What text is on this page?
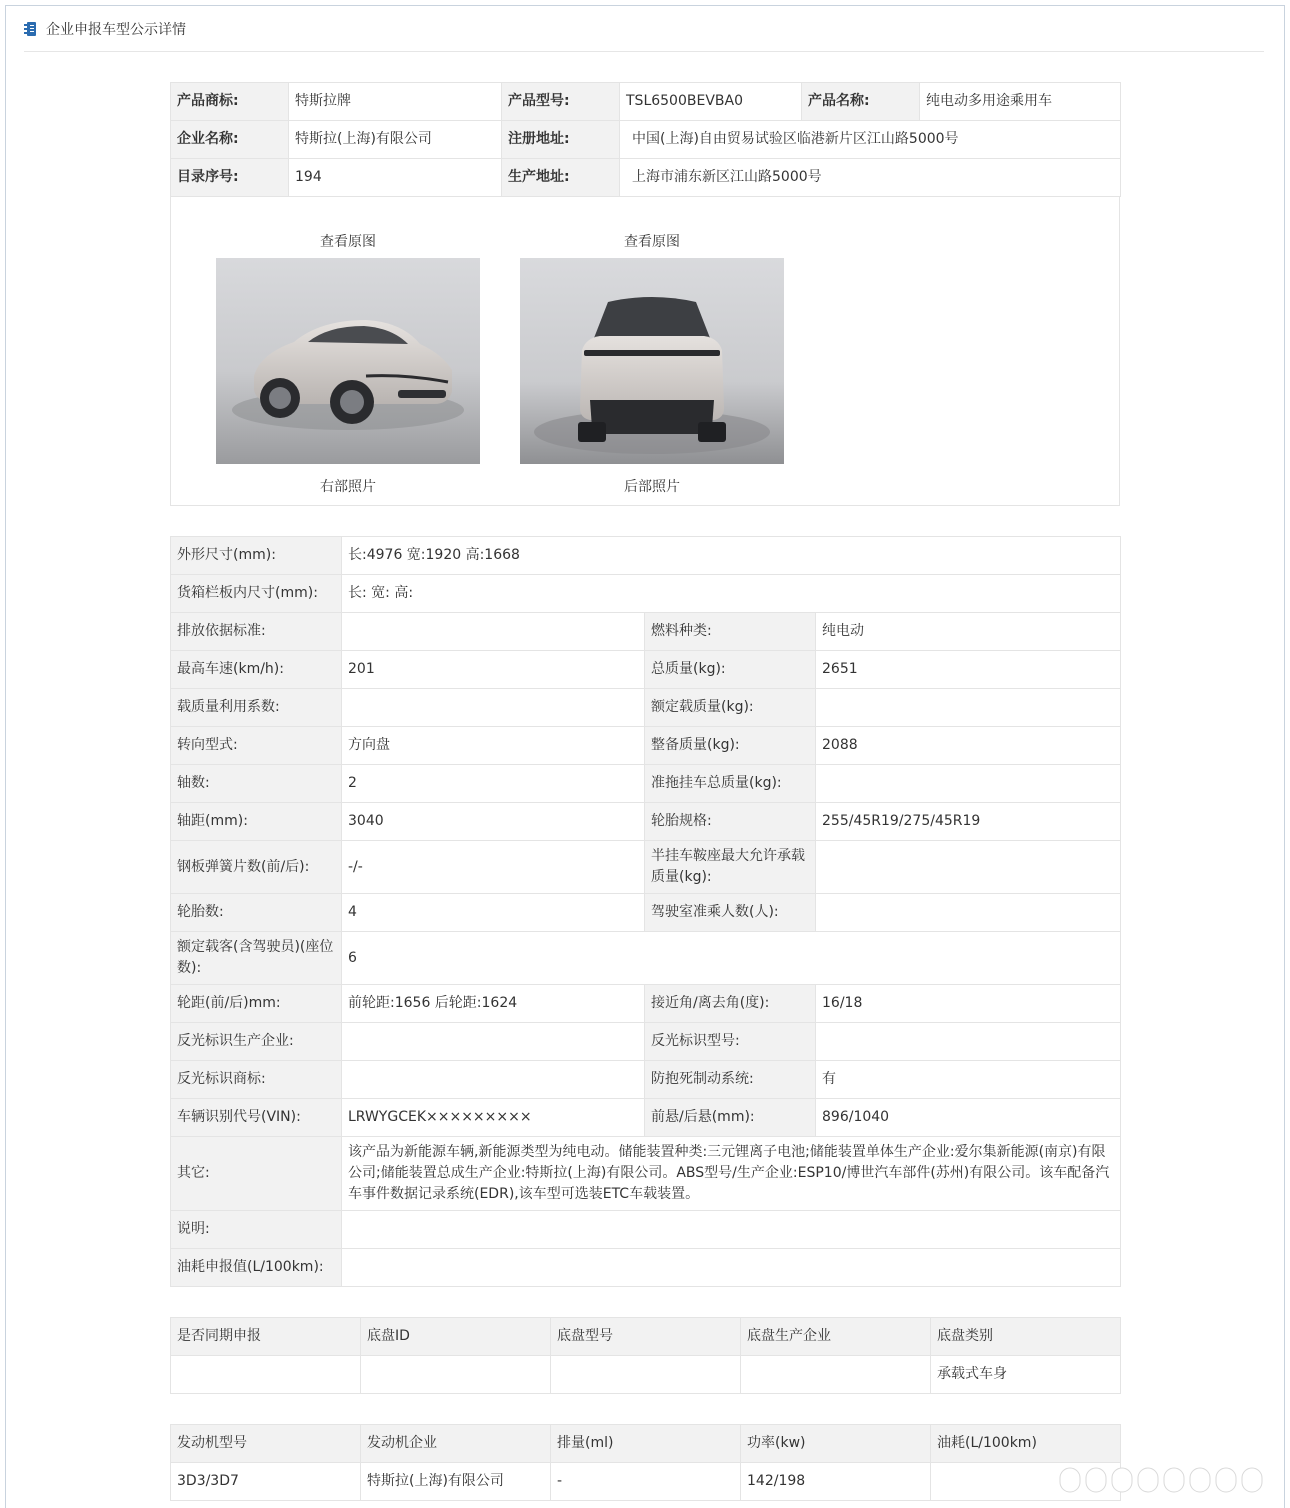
企业申报车型公示详情
产品商标:	特斯拉牌	产品型号:	TSL6500BEVBA0	产品名称:	纯电动多用途乘用车
企业名称:	特斯拉(上海)有限公司	注册地址:	中国(上海)自由贸易试验区临港新片区江山路5000号		
目录序号:	194	生产地址:	上海市浦东新区江山路5000号		
查看原图
右部照片
查看原图
后部照片
外形尺寸(mm):	长:4976 宽:1920 高:1668		
货箱栏板内尺寸(mm):	长: 宽: 高:		
排放依据标准:		燃料种类:	纯电动
最高车速(km/h):	201	总质量(kg):	2651
载质量利用系数:		额定载质量(kg):	
转向型式:	方向盘	整备质量(kg):	2088
轴数:	2	准拖挂车总质量(kg):	
轴距(mm):	3040	轮胎规格:	255/45R19/275/45R19
钢板弹簧片数(前/后):	-/-	半挂车鞍座最大允许承载质量(kg):	
轮胎数:	4	驾驶室准乘人数(人):	
额定载客(含驾驶员)(座位数):	6		
轮距(前/后)mm:	前轮距:1656 后轮距:1624	接近角/离去角(度):	16/18
反光标识生产企业:		反光标识型号:	
反光标识商标:		防抱死制动系统:	有
车辆识别代号(VIN):	LRWYGCEK×××××××××	前悬/后悬(mm):	896/1040
其它:	该产品为新能源车辆,新能源类型为纯电动。储能装置种类:三元锂离子电池;储能装置单体生产企业:爱尔集新能源(南京)有限公司;储能装置总成生产企业:特斯拉(上海)有限公司。ABS型号/生产企业:ESP10/博世汽车部件(苏州)有限公司。该车配备汽车事件数据记录系统(EDR),该车型可选装ETC车载装置。		
说明:			
油耗申报值(L/100km):			
是否同期申报	底盘ID	底盘型号	底盘生产企业	底盘类别
				承载式车身
发动机型号	发动机企业	排量(ml)	功率(kw)	油耗(L/100km)
3D3/3D7	特斯拉(上海)有限公司	-	142/198	
